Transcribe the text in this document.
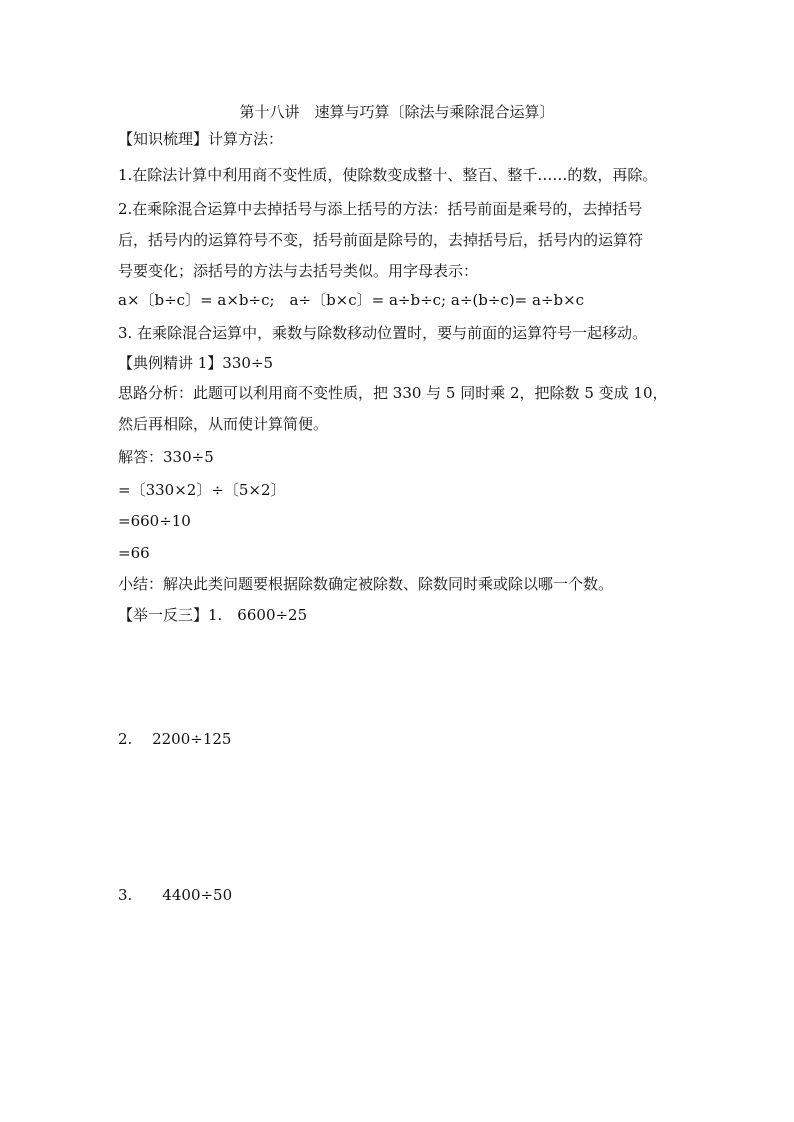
第十八讲　速算与巧算〔除法与乘除混合运算〕
【知识梳理】计算方法：
1.在除法计算中利用商不变性质，使除数变成整十、整百、整千……的数，再除。
2.在乘除混合运算中去掉括号与添上括号的方法：括号前面是乘号的，去掉括号
后，括号内的运算符号不变，括号前面是除号的，去掉括号后，括号内的运算符
号要变化；添括号的方法与去括号类似。用字母表示：
a×〔b÷c〕= a×b÷c;　a÷〔b×c〕= a÷b÷c; a÷(b÷c)= a÷b×c
3. 在乘除混合运算中，乘数与除数移动位置时，要与前面的运算符号一起移动。
【典例精讲 1】330÷5
思路分析：此题可以利用商不变性质，把 330 与 5 同时乘 2，把除数 5 变成 10，
然后再相除，从而使计算简便。
解答：330÷5
=〔330×2〕÷〔5×2〕
=660÷10
=66
小结：解决此类问题要根据除数确定被除数、除数同时乘或除以哪一个数。
【举一反三】1.　6600÷25
2.　 2200÷125
3.　　4400÷50
